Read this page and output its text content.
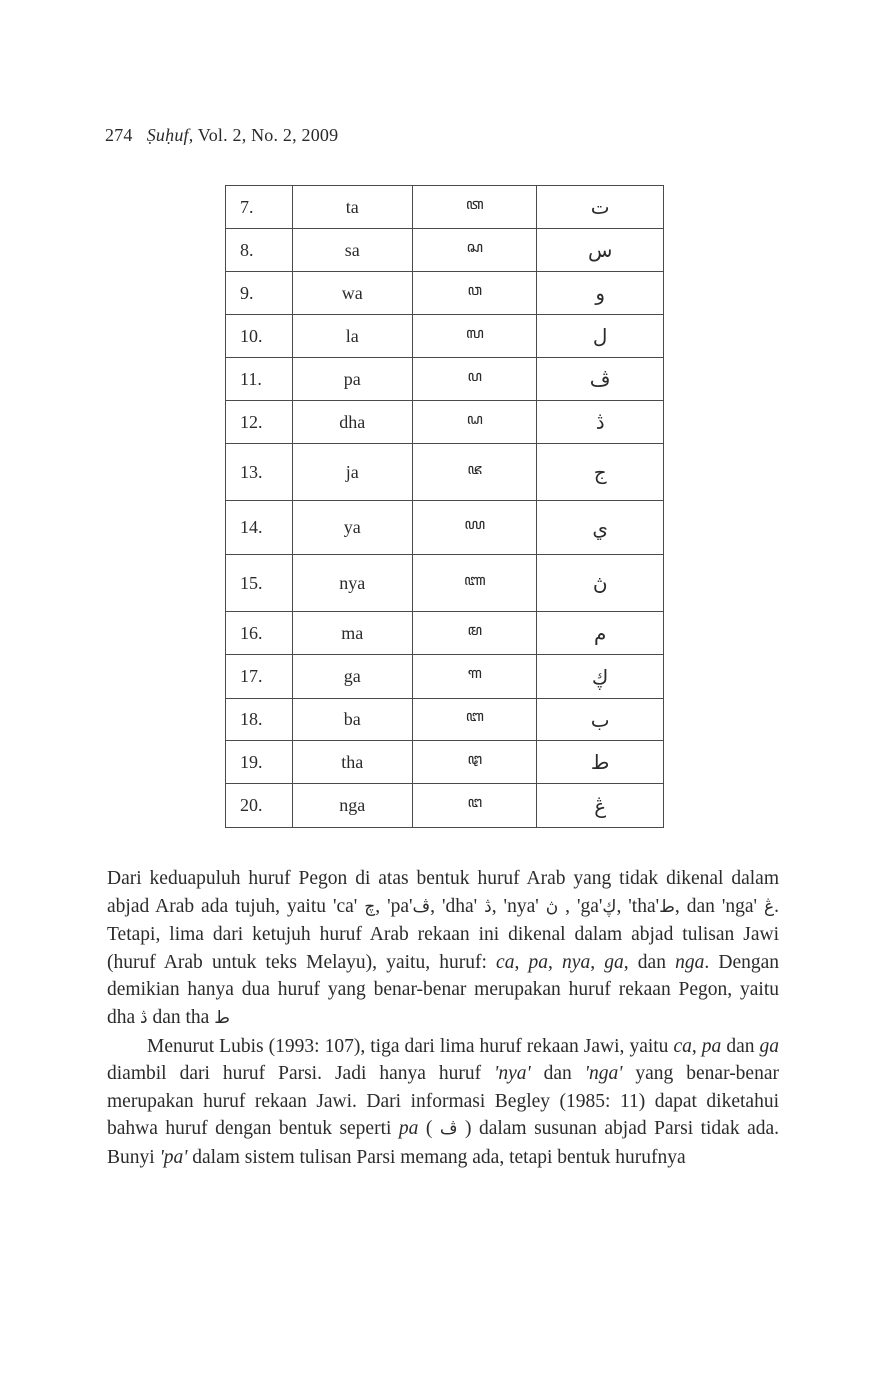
274 Ṣuḥuf, Vol. 2, No. 2, 2009
7.	ta	ꦠ	ت
8.	sa	ꦱ	س
9.	wa	ꦮ	و
10.	la	ꦭ	ل
11.	pa	ꦥ	ڤ
12.	dha	ꦝ	ڎ
13.	ja	ꦗ	ج
14.	ya	ꦪ	ي
15.	nya	ꦚ	ڽ
16.	ma	ꦩ	م
17.	ga	ꦒ	ڮ
18.	ba	ꦧ	ب
19.	tha	ꦛ	ط
20.	nga	ꦔ	ڠ

Dari keduapuluh huruf Pegon di atas bentuk huruf Arab yang tidak dikenal dalam abjad Arab ada tujuh, yaitu 'ca' چ, 'pa'ڤ, 'dha' ڎ, 'nya' ڽ , 'ga'ڮ, 'tha'ط, dan 'nga' ڠ. Tetapi, lima dari ketujuh huruf Arab rekaan ini dikenal dalam abjad tulisan Jawi (huruf Arab untuk teks Melayu), yaitu, huruf: ca, pa, nya, ga, dan nga. Dengan demikian hanya dua huruf yang benar-benar merupakan huruf rekaan Pegon, yaitu dha ڎ dan tha ط

Menurut Lubis (1993: 107), tiga dari lima huruf rekaan Jawi, yaitu ca, pa dan ga diambil dari huruf Parsi. Jadi hanya huruf 'nya' dan 'nga' yang benar-benar merupakan huruf rekaan Jawi. Dari informasi Begley (1985: 11) dapat diketahui bahwa huruf dengan bentuk seperti pa ( ڤ ) dalam susunan abjad Parsi tidak ada. Bunyi 'pa' dalam sistem tulisan Parsi memang ada, tetapi bentuk hurufnya
